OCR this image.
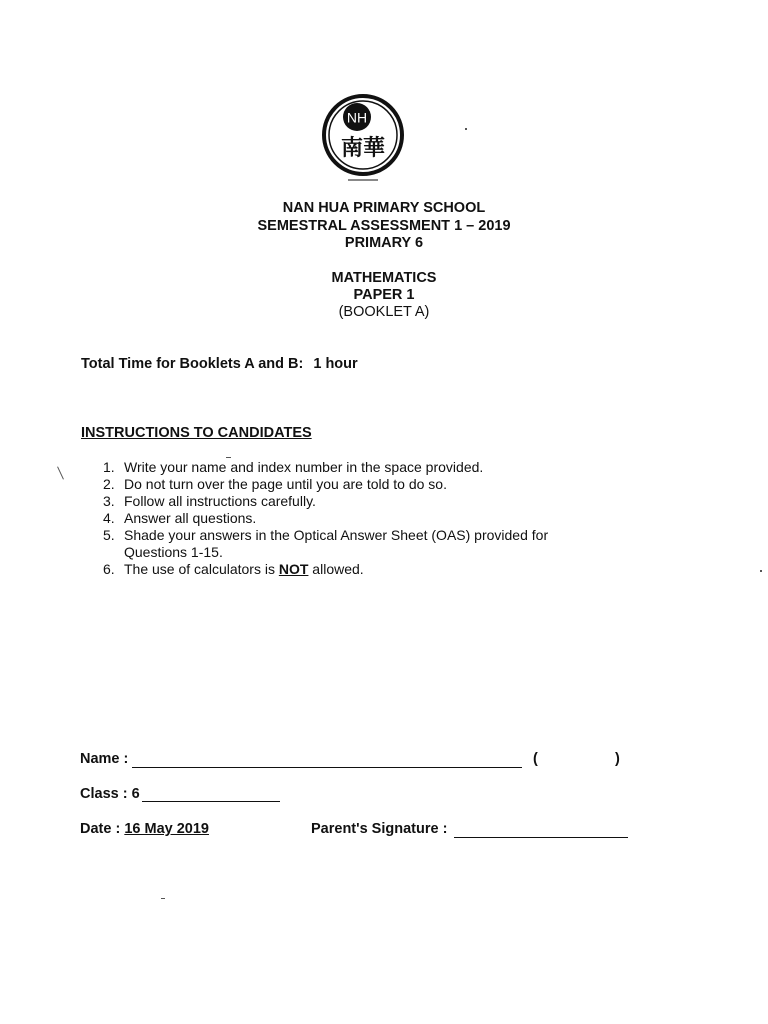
NH
南華
NAN HUA PRIMARY SCHOOL
SEMESTRAL ASSESSMENT 1 – 2019
PRIMARY 6
MATHEMATICS
PAPER 1
(BOOKLET A)
Total Time for Booklets A and B: 1 hour
INSTRUCTIONS TO CANDIDATES
1. Write your name and index number in the space provided.
2. Do not turn over the page until you are told to do so.
3. Follow all instructions carefully.
4. Answer all questions.
5. Shade your answers in the Optical Answer Sheet (OAS) provided for Questions 1-15.
6. The use of calculators is NOT allowed.
Name :	(	)
Class : 6
Date : 16 May 2019	Parent's Signature :
